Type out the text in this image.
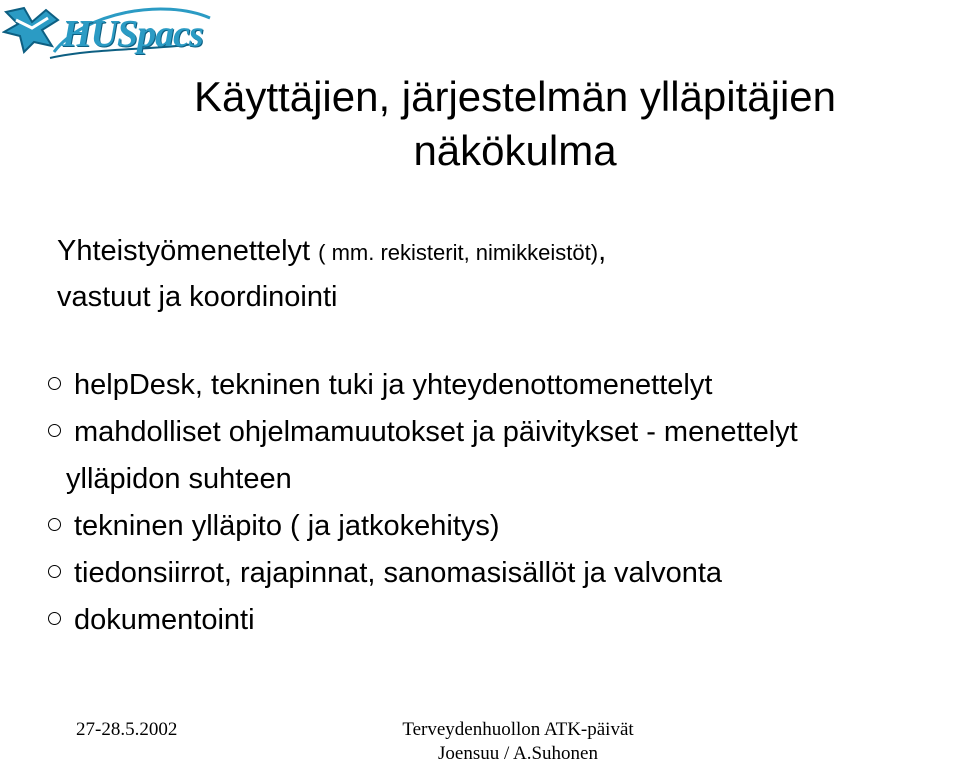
HUSpacs
Käyttäjien, järjestelmän ylläpitäjien
näkökulma
Yhteistyömenettelyt ( mm. rekisterit, nimikkeistöt),
vastuut ja koordinointi
helpDesk, tekninen tuki ja yhteydenottomenettelyt
mahdolliset ohjelmamuutokset ja päivitykset - menettelyt
ylläpidon suhteen
tekninen ylläpito ( ja jatkokehitys)
tiedonsiirrot, rajapinnat, sanomasisällöt ja valvonta
dokumentointi
27-28.5.2002	Terveydenhuollon ATK-päivät
Joensuu / A.Suhonen
